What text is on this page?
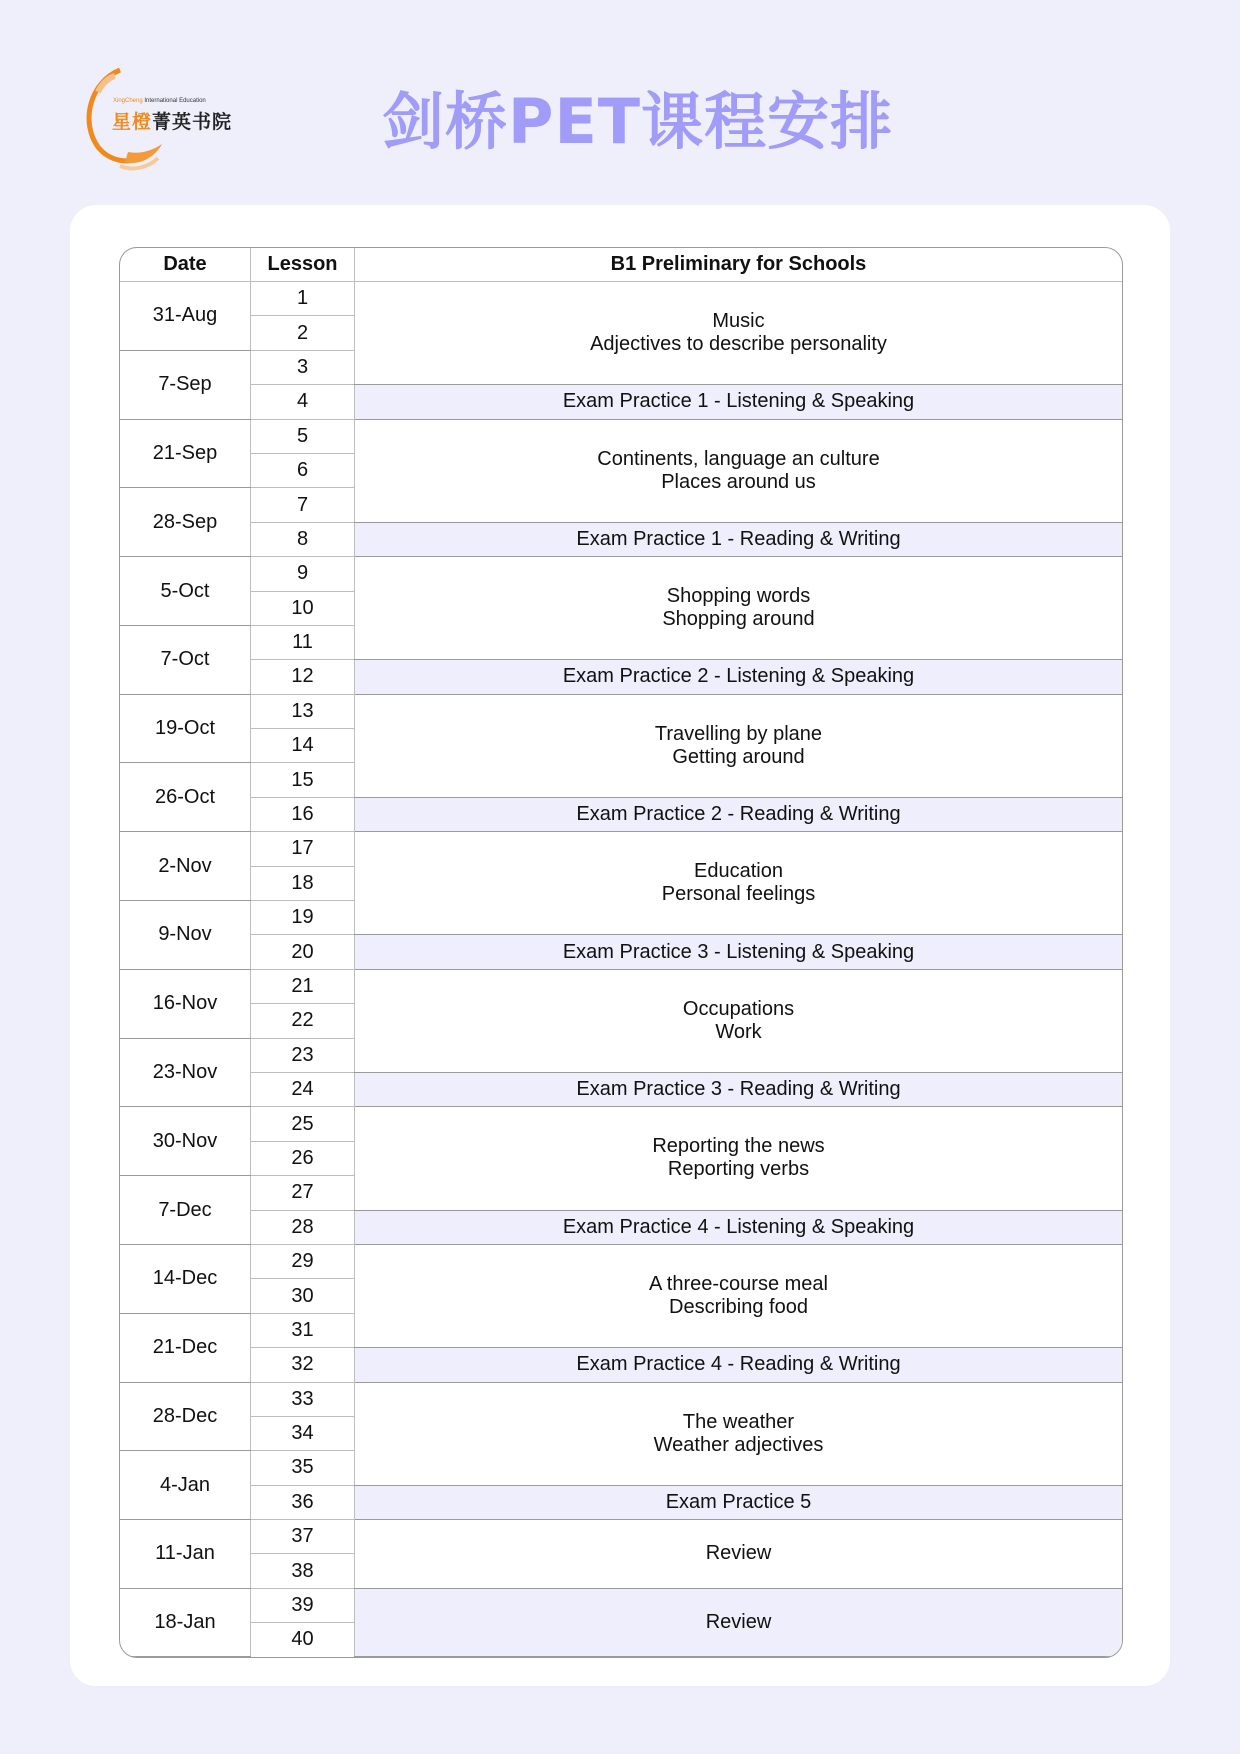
XingCheng International Education
星橙菁英书院 剑桥PET课程安排
Date	Lesson	B1 Preliminary for Schools
31-Aug	1	Music
Adjectives to describe personality

	2	
7-Sep	3	
	4	Exam Practice 1 - Listening & Speaking

21-Sep	5	Continents, language an culture
Places around us

	6	
28-Sep	7	
	8	Exam Practice 1 - Reading & Writing

5-Oct	9	Shopping words
Shopping around

	10	
7-Oct	11	
	12	Exam Practice 2 - Listening & Speaking

19-Oct	13	Travelling by plane
Getting around

	14	
26-Oct	15	
	16	Exam Practice 2 - Reading & Writing

2-Nov	17	Education
Personal feelings

	18	
9-Nov	19	
	20	Exam Practice 3 - Listening & Speaking

16-Nov	21	Occupations
Work

	22	
23-Nov	23	
	24	Exam Practice 3 - Reading & Writing

30-Nov	25	Reporting the news
Reporting verbs

	26	
7-Dec	27	
	28	Exam Practice 4 - Listening & Speaking

14-Dec	29	A three-course meal
Describing food

	30	
21-Dec	31	
	32	Exam Practice 4 - Reading & Writing

28-Dec	33	The weather
Weather adjectives

	34	
4-Jan	35	
	36	Exam Practice 5

11-Jan	37	Review

	38	
18-Jan	39	Review

	40	
